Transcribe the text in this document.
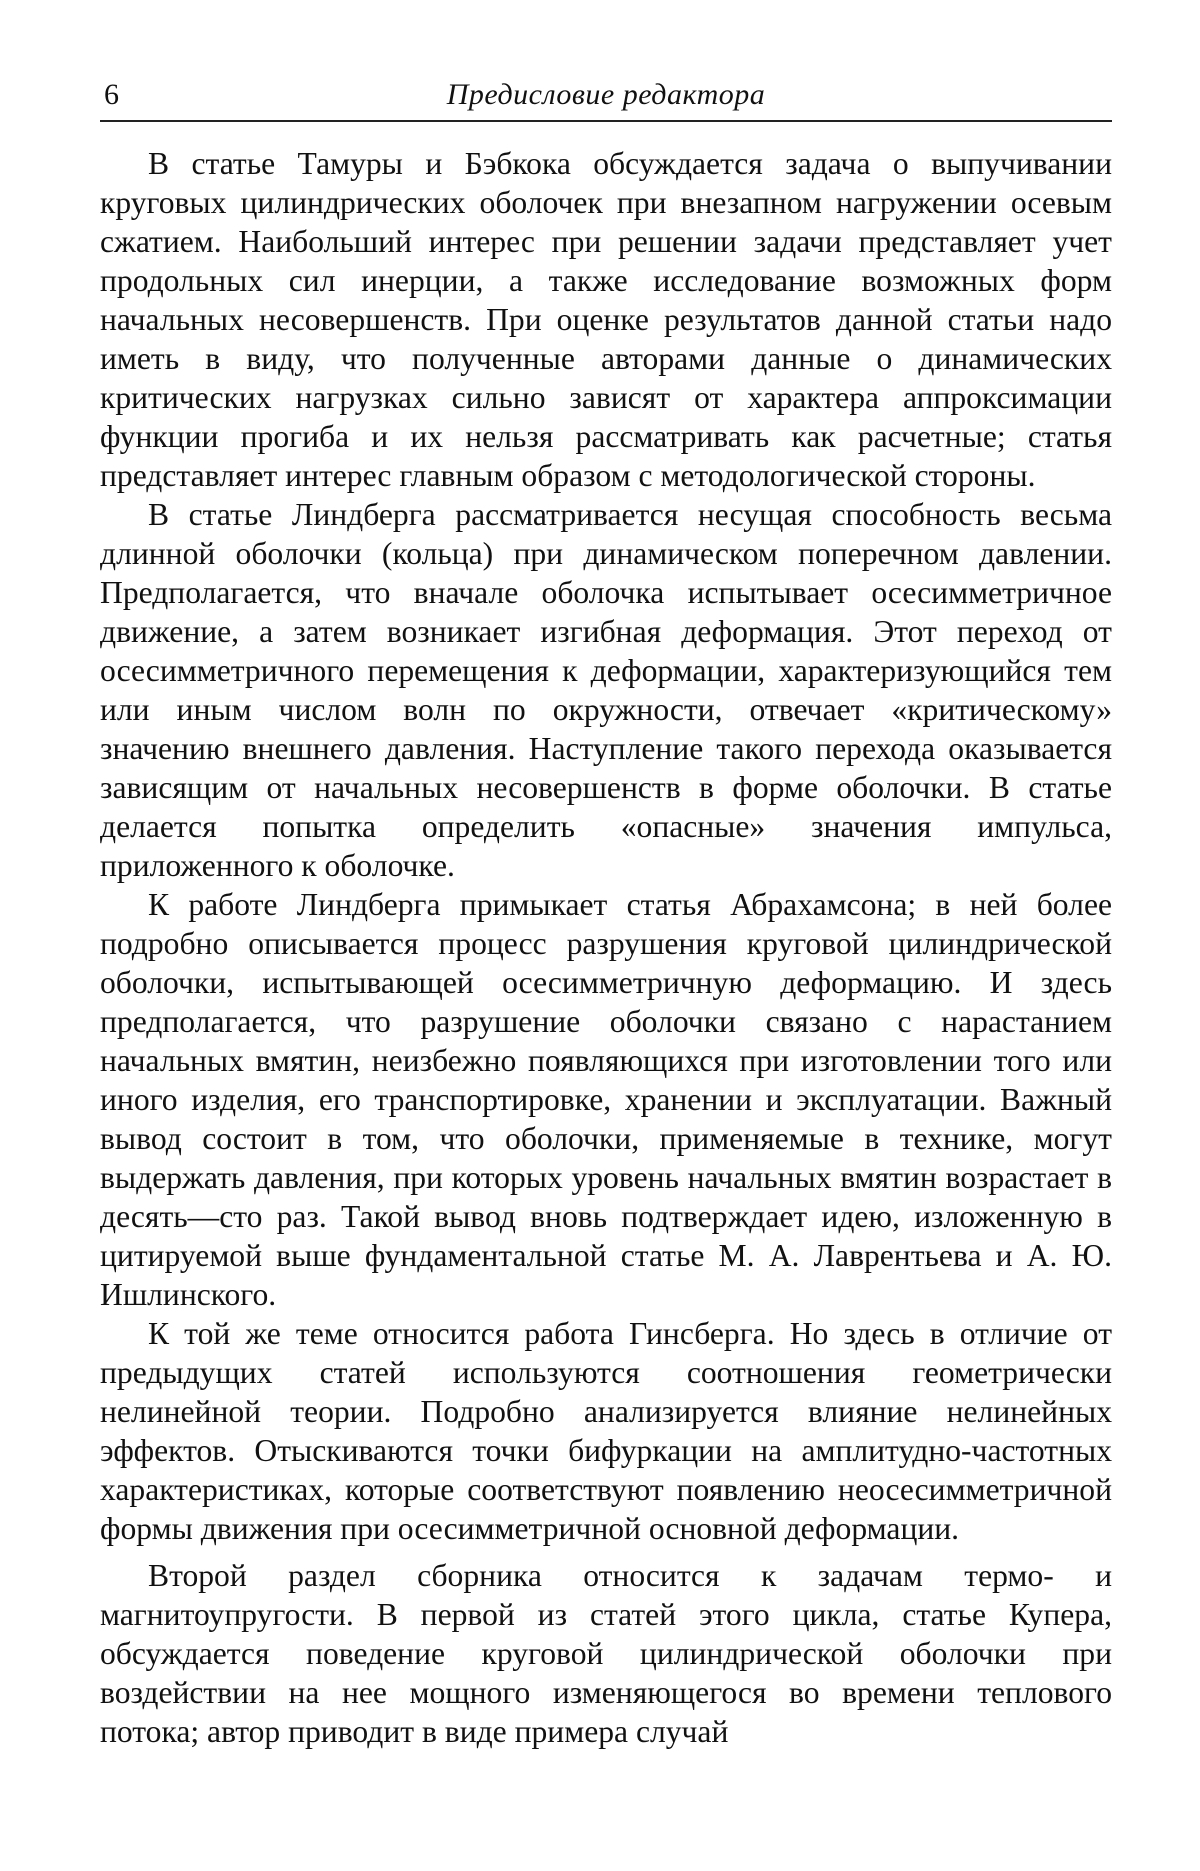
6	Предисловие редактора

В статье Тамуры и Бэбкока обсуждается задача о выпучивании круговых цилиндрических оболочек при внезапном нагружении осевым сжатием. Наибольший интерес при решении задачи представляет учет продольных сил инерции, а также исследование возможных форм начальных несовершенств. При оценке результатов данной статьи надо иметь в виду, что полученные авторами данные о динамических критических нагрузках сильно зависят от характера аппроксимации функции прогиба и их нельзя рассматривать как расчетные; статья представляет интерес главным образом с методологической стороны.

В статье Линдберга рассматривается несущая способность весьма длинной оболочки (кольца) при динамическом поперечном давлении. Предполагается, что вначале оболочка испытывает осесимметричное движение, а затем возникает изгибная деформация. Этот переход от осесимметричного перемещения к деформации, характеризующийся тем или иным числом волн по окружности, отвечает «критическому» значению внешнего давления. Наступление такого перехода оказывается зависящим от начальных несовершенств в форме оболочки. В статье делается попытка определить «опасные» значения импульса, приложенного к оболочке.

К работе Линдберга примыкает статья Абрахамсона; в ней более подробно описывается процесс разрушения круговой цилиндрической оболочки, испытывающей осесимметричную деформацию. И здесь предполагается, что разрушение оболочки связано с нарастанием начальных вмятин, неизбежно появляющихся при изготовлении того или иного изделия, его транспортировке, хранении и эксплуатации. Важный вывод состоит в том, что оболочки, применяемые в технике, могут выдержать давления, при которых уровень начальных вмятин возрастает в десять—сто раз. Такой вывод вновь подтверждает идею, изложенную в цитируемой выше фундаментальной статье М. А. Лаврентьева и А. Ю. Ишлинского.

К той же теме относится работа Гинсберга. Но здесь в отличие от предыдущих статей используются соотношения геометрически нелинейной теории. Подробно анализируется влияние нелинейных эффектов. Отыскиваются точки бифуркации на амплитудно-частотных характеристиках, которые соответствуют появлению неосесимметричной формы движения при осесимметричной основной деформации.

Второй раздел сборника относится к задачам термо- и магнитоупругости. В первой из статей этого цикла, статье Купера, обсуждается поведение круговой цилиндрической оболочки при воздействии на нее мощного изменяющегося во времени теплового потока; автор приводит в виде примера случай
